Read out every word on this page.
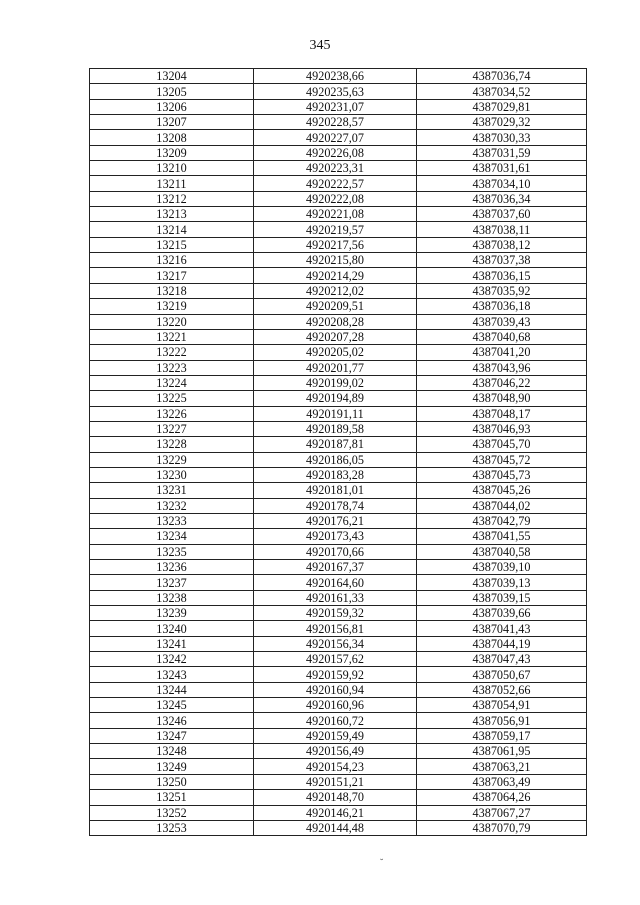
345
13204	4920238,66	4387036,74
13205	4920235,63	4387034,52
13206	4920231,07	4387029,81
13207	4920228,57	4387029,32
13208	4920227,07	4387030,33
13209	4920226,08	4387031,59
13210	4920223,31	4387031,61
13211	4920222,57	4387034,10
13212	4920222,08	4387036,34
13213	4920221,08	4387037,60
13214	4920219,57	4387038,11
13215	4920217,56	4387038,12
13216	4920215,80	4387037,38
13217	4920214,29	4387036,15
13218	4920212,02	4387035,92
13219	4920209,51	4387036,18
13220	4920208,28	4387039,43
13221	4920207,28	4387040,68
13222	4920205,02	4387041,20
13223	4920201,77	4387043,96
13224	4920199,02	4387046,22
13225	4920194,89	4387048,90
13226	4920191,11	4387048,17
13227	4920189,58	4387046,93
13228	4920187,81	4387045,70
13229	4920186,05	4387045,72
13230	4920183,28	4387045,73
13231	4920181,01	4387045,26
13232	4920178,74	4387044,02
13233	4920176,21	4387042,79
13234	4920173,43	4387041,55
13235	4920170,66	4387040,58
13236	4920167,37	4387039,10
13237	4920164,60	4387039,13
13238	4920161,33	4387039,15
13239	4920159,32	4387039,66
13240	4920156,81	4387041,43
13241	4920156,34	4387044,19
13242	4920157,62	4387047,43
13243	4920159,92	4387050,67
13244	4920160,94	4387052,66
13245	4920160,96	4387054,91
13246	4920160,72	4387056,91
13247	4920159,49	4387059,17
13248	4920156,49	4387061,95
13249	4920154,23	4387063,21
13250	4920151,21	4387063,49
13251	4920148,70	4387064,26
13252	4920146,21	4387067,27
13253	4920144,48	4387070,79
˘
